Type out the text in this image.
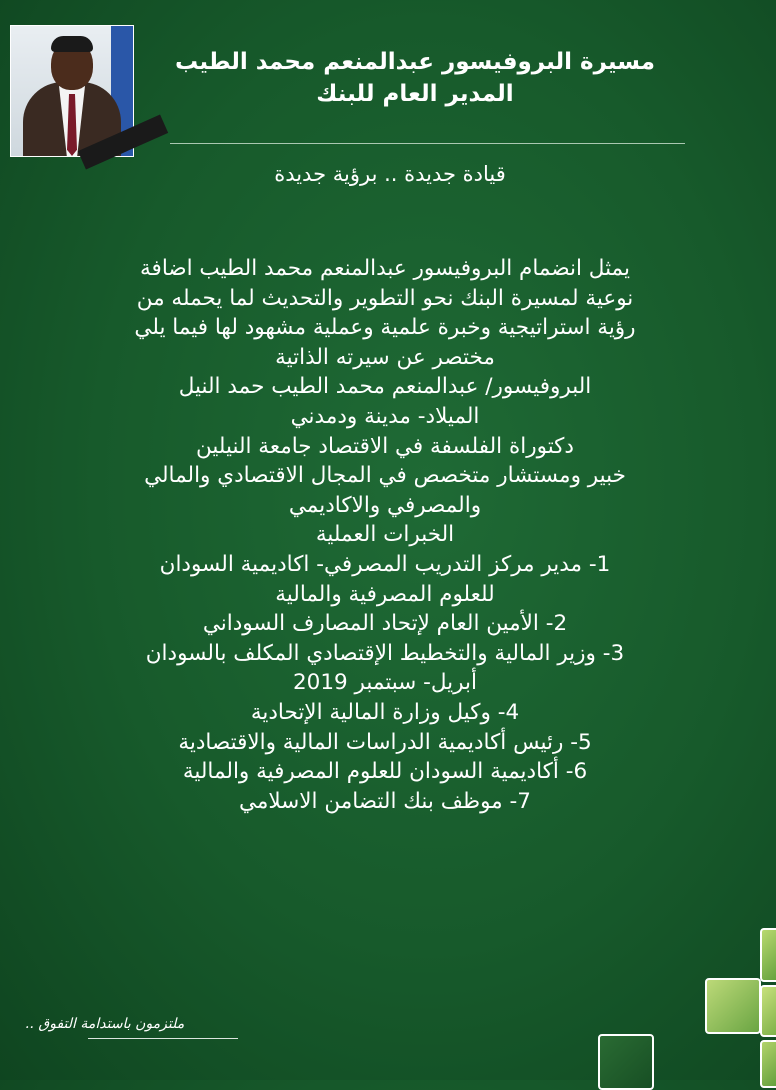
مسيرة البروفيسور عبدالمنعم محمد الطيب
المدير العام للبنك
قيادة جديدة .. برؤية جديدة
يمثل انضمام البروفيسور عبدالمنعم محمد الطيب اضافة
نوعية لمسيرة البنك نحو التطوير والتحديث لما يحمله من
رؤية استراتيجية وخبرة علمية وعملية مشهود لها فيما يلي
مختصر عن سيرته الذاتية
البروفيسور/ عبدالمنعم محمد الطيب حمد النيل
الميلاد- مدينة ودمدني
دكتوراة الفلسفة في الاقتصاد جامعة النيلين
خبير ومستشار متخصص في المجال الاقتصادي والمالي
والمصرفي والاكاديمي
الخبرات العملية
1- مدير مركز التدريب المصرفي- اكاديمية السودان
للعلوم المصرفية والمالية
2- الأمين العام لإتحاد المصارف السوداني
3- وزير المالية والتخطيط الإقتصادي المكلف بالسودان
أبريل- سبتمبر 2019
4- وكيل وزارة المالية الإتحادية
5- رئيس أكاديمية الدراسات المالية والاقتصادية
6- أكاديمية السودان للعلوم المصرفية والمالية
7- موظف بنك التضامن الاسلامي
ملتزمون باستدامة التفوق ..
